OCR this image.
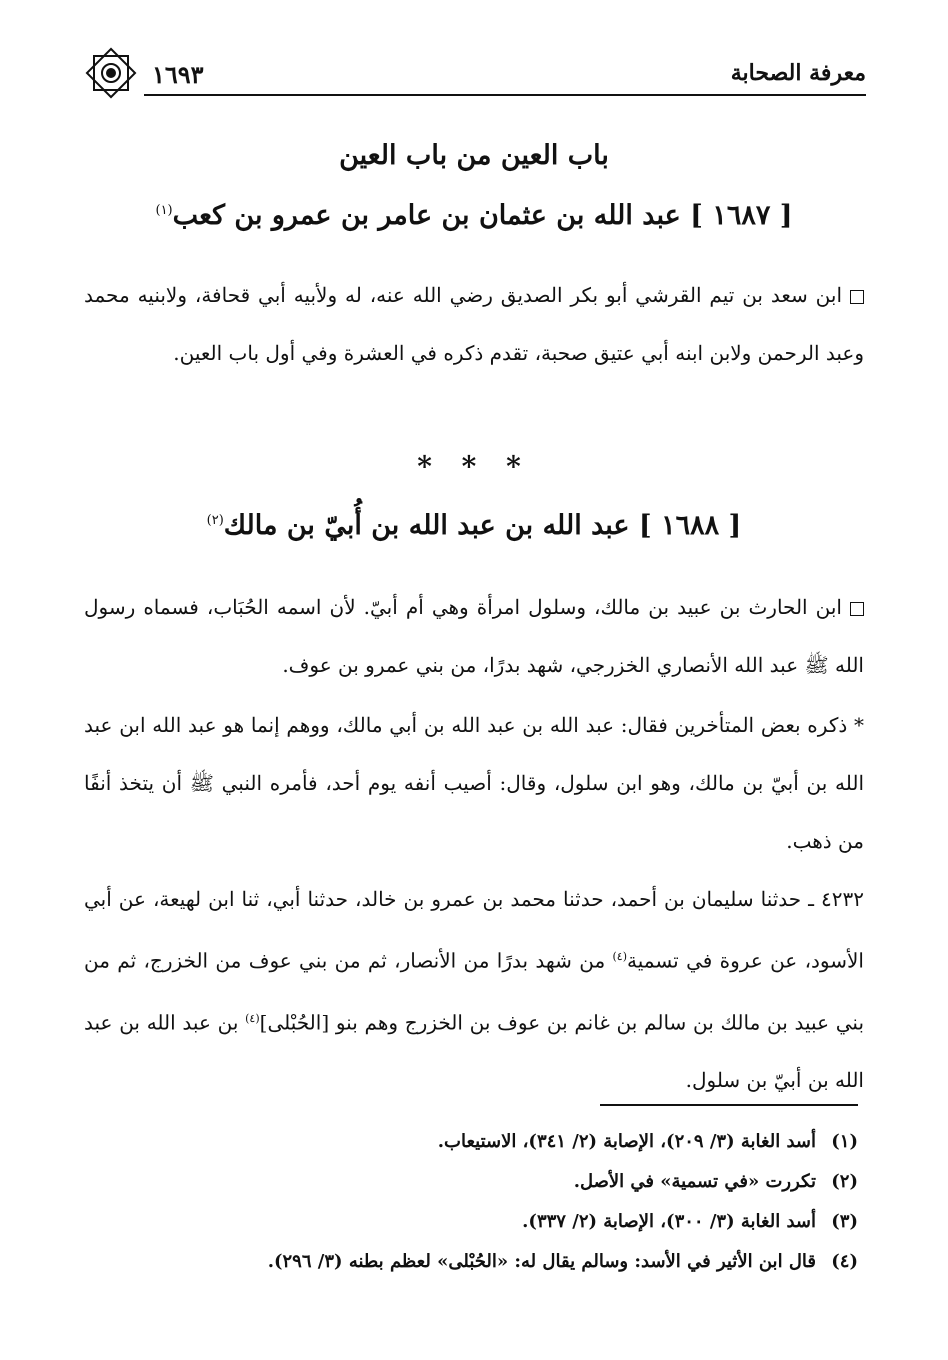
معرفة الصحابة
١٦٩٣
باب العين من باب العين
[ ١٦٨٧ ] عبد الله بن عثمان بن عامر بن عمرو بن كعب$^{(١)}$
ابن سعد بن تيم القرشي أبو بكر الصديق رضي الله عنه، له ولأبيه أبي قحافة، ولابنيه محمد وعبد الرحمن ولابن ابنه أبي عتيق صحبة، تقدم ذكره في العشرة وفي أول باب العين.
* * *
[ ١٦٨٨ ] عبد الله بن عبد الله بن أُبيّ بن مالك$^{(٢)}$
ابن الحارث بن عبيد بن مالك، وسلول امرأة وهي أم أبيّ. لأن اسمه الحُبَاب، فسماه رسول الله ﷺ عبد الله الأنصاري الخزرجي، شهد بدرًا، من بني عمرو بن عوف.
* ذكره بعض المتأخرين فقال: عبد الله بن عبد الله بن أبي مالك، ووهم إنما هو عبد الله ابن عبد الله بن أبيّ بن مالك، وهو ابن سلول، وقال: أصيب أنفه يوم أحد، فأمره النبي ﷺ أن يتخذ أنفًا من ذهب.
٤٢٣٢ ـ حدثنا سليمان بن أحمد، حدثنا محمد بن عمرو بن خالد، حدثنا أبي، ثنا ابن لهيعة، عن أبي الأسود، عن عروة في تسمية$^{(٤)}$ من شهد بدرًا من الأنصار، ثم من بني عوف من الخزرج، ثم من بني عبيد بن مالك بن سالم بن غانم بن عوف بن الخزرج وهم بنو [الحُبْلى]$^{(٤)}$ بن عبد الله بن عبد الله بن أبيّ بن سلول.
(١)أسد الغابة (٣/ ٢٠٩)، الإصابة (٢/ ٣٤١)، الاستيعاب.
(٢)تكررت «في تسمية» في الأصل.
(٣)أسد الغابة (٣/ ٣٠٠)، الإصابة (٢/ ٣٣٧).
(٤)قال ابن الأثير في الأسد: وسالم يقال له: «الحُبْلى» لعظم بطنه (٣/ ٢٩٦).
